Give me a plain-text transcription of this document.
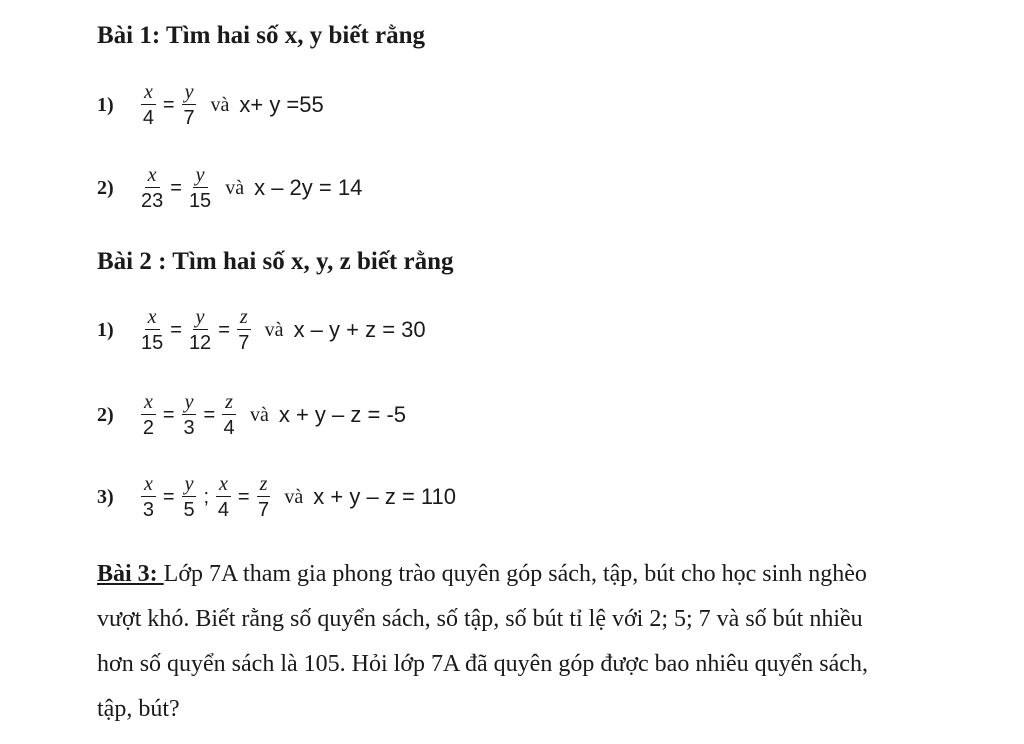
Bài 1: Tìm hai số x, y biết rằng
$1) \frac{x}{4} = \frac{y}{7}$ và x+ y =55
$2) \frac{x}{23} = \frac{y}{15}$ và x – 2y = 14
Bài 2 : Tìm hai số x, y, z biết rằng
$1) \frac{x}{15} = \frac{y}{12} = \frac{z}{7}$ và x – y + z = 30
$2) \frac{x}{2} = \frac{y}{3} = \frac{z}{4}$ và x + y – z = -5
$3) \frac{x}{3} = \frac{y}{5}$ ; $\frac{x}{4} = \frac{z}{7}$ và x + y – z = 110
Bài 3: Lớp 7A tham gia phong trào quyên góp sách, tập, bút cho học sinh nghèo
vượt khó. Biết rằng số quyển sách, số tập, số bút tỉ lệ với 2; 5; 7 và số bút nhiều
hơn số quyển sách là 105. Hỏi lớp 7A đã quyên góp được bao nhiêu quyển sách,
tập, bút?
